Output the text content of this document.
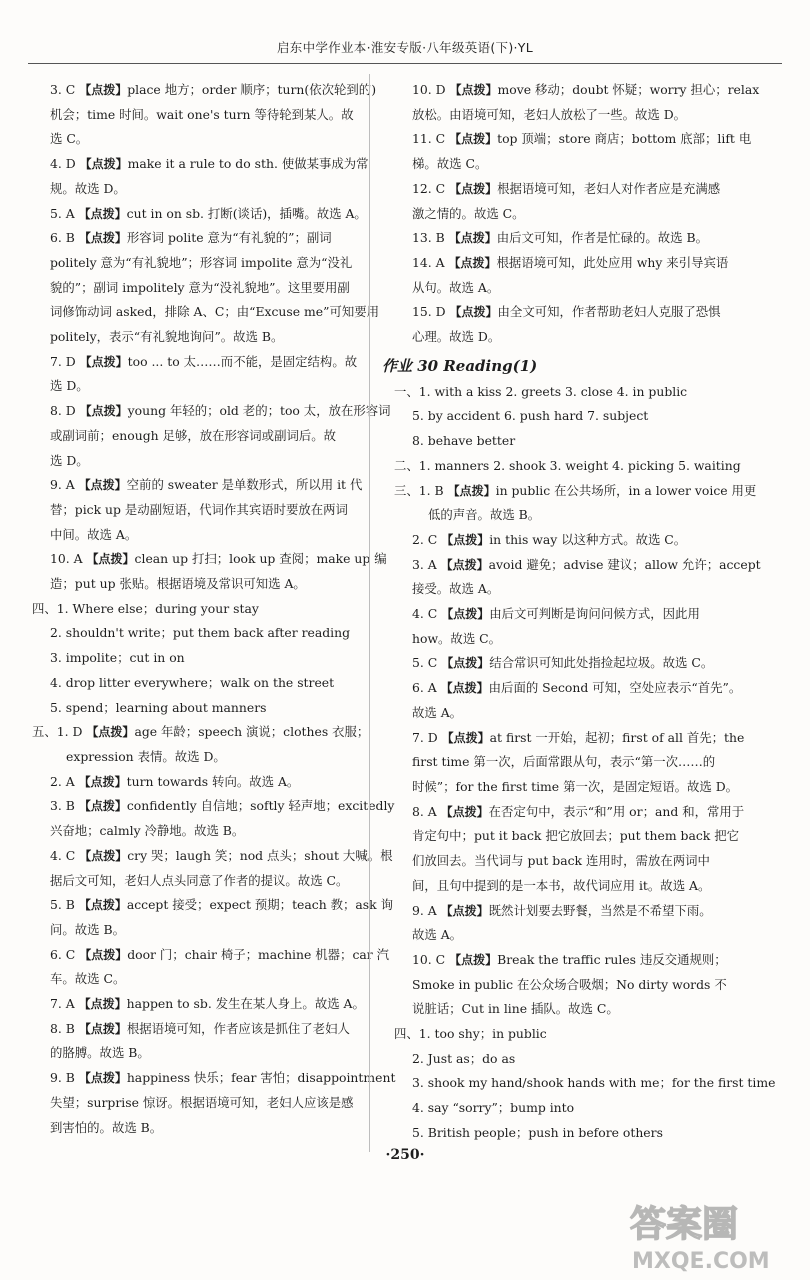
启东中学作业本·淮安专版·八年级英语(下)·YL
3. C 【点拨】place 地方；order 顺序；turn(依次轮到的)
机会；time 时间。wait one's turn 等待轮到某人。故
选 C。
4. D 【点拨】make it a rule to do sth. 使做某事成为常
规。故选 D。
5. A 【点拨】cut in on sb. 打断(谈话)，插嘴。故选 A。
6. B 【点拨】形容词 polite 意为“有礼貌的”；副词
politely 意为“有礼貌地”；形容词 impolite 意为“没礼
貌的”；副词 impolitely 意为“没礼貌地”。这里要用副
词修饰动词 asked，排除 A、C；由“Excuse me”可知要用
politely，表示“有礼貌地询问”。故选 B。
7. D 【点拨】too ... to 太……而不能，是固定结构。故
选 D。
8. D 【点拨】young 年轻的；old 老的；too 太，放在形容词
或副词前；enough 足够，放在形容词或副词后。故
选 D。
9. A 【点拨】空前的 sweater 是单数形式，所以用 it 代
替；pick up 是动副短语，代词作其宾语时要放在两词
中间。故选 A。
10. A 【点拨】clean up 打扫；look up 查阅；make up 编
造；put up 张贴。根据语境及常识可知选 A。
四、1. Where else；during your stay
2. shouldn't write；put them back after reading
3. impolite；cut in on
4. drop litter everywhere；walk on the street
5. spend；learning about manners
五、1. D 【点拨】age 年龄；speech 演说；clothes 衣服；
expression 表情。故选 D。
2. A 【点拨】turn towards 转向。故选 A。
3. B 【点拨】confidently 自信地；softly 轻声地；excitedly
兴奋地；calmly 冷静地。故选 B。
4. C 【点拨】cry 哭；laugh 笑；nod 点头；shout 大喊。根
据后文可知，老妇人点头同意了作者的提议。故选 C。
5. B 【点拨】accept 接受；expect 预期；teach 教；ask 询
问。故选 B。
6. C 【点拨】door 门；chair 椅子；machine 机器；car 汽
车。故选 C。
7. A 【点拨】happen to sb. 发生在某人身上。故选 A。
8. B 【点拨】根据语境可知，作者应该是抓住了老妇人
的胳膊。故选 B。
9. B 【点拨】happiness 快乐；fear 害怕；disappointment
失望；surprise 惊讶。根据语境可知，老妇人应该是感
到害怕的。故选 B。
10. D 【点拨】move 移动；doubt 怀疑；worry 担心；relax
放松。由语境可知，老妇人放松了一些。故选 D。
11. C 【点拨】top 顶端；store 商店；bottom 底部；lift 电
梯。故选 C。
12. C 【点拨】根据语境可知，老妇人对作者应是充满感
激之情的。故选 C。
13. B 【点拨】由后文可知，作者是忙碌的。故选 B。
14. A 【点拨】根据语境可知，此处应用 why 来引导宾语
从句。故选 A。
15. D 【点拨】由全文可知，作者帮助老妇人克服了恐惧
心理。故选 D。
作业 30 Reading(1)
一、1. with a kiss 2. greets 3. close 4. in public
5. by accident 6. push hard 7. subject
8. behave better
二、1. manners 2. shook 3. weight 4. picking 5. waiting
三、1. B 【点拨】in public 在公共场所，in a lower voice 用更
低的声音。故选 B。
2. C 【点拨】in this way 以这种方式。故选 C。
3. A 【点拨】avoid 避免；advise 建议；allow 允许；accept
接受。故选 A。
4. C 【点拨】由后文可判断是询问问候方式，因此用
how。故选 C。
5. C 【点拨】结合常识可知此处指捡起垃圾。故选 C。
6. A 【点拨】由后面的 Second 可知，空处应表示“首先”。
故选 A。
7. D 【点拨】at first 一开始，起初；first of all 首先；the
first time 第一次，后面常跟从句，表示“第一次……的
时候”；for the first time 第一次，是固定短语。故选 D。
8. A 【点拨】在否定句中，表示“和”用 or；and 和，常用于
肯定句中；put it back 把它放回去；put them back 把它
们放回去。当代词与 put back 连用时，需放在两词中
间，且句中提到的是一本书，故代词应用 it。故选 A。
9. A 【点拨】既然计划要去野餐，当然是不希望下雨。
故选 A。
10. C 【点拨】Break the traffic rules 违反交通规则；
Smoke in public 在公众场合吸烟；No dirty words 不
说脏话；Cut in line 插队。故选 C。
四、1. too shy；in public
2. Just as；do as
3. shook my hand/shook hands with me；for the first time
4. say “sorry”；bump into
5. British people；push in before others
·250·
答案圈
MXQE.COM
